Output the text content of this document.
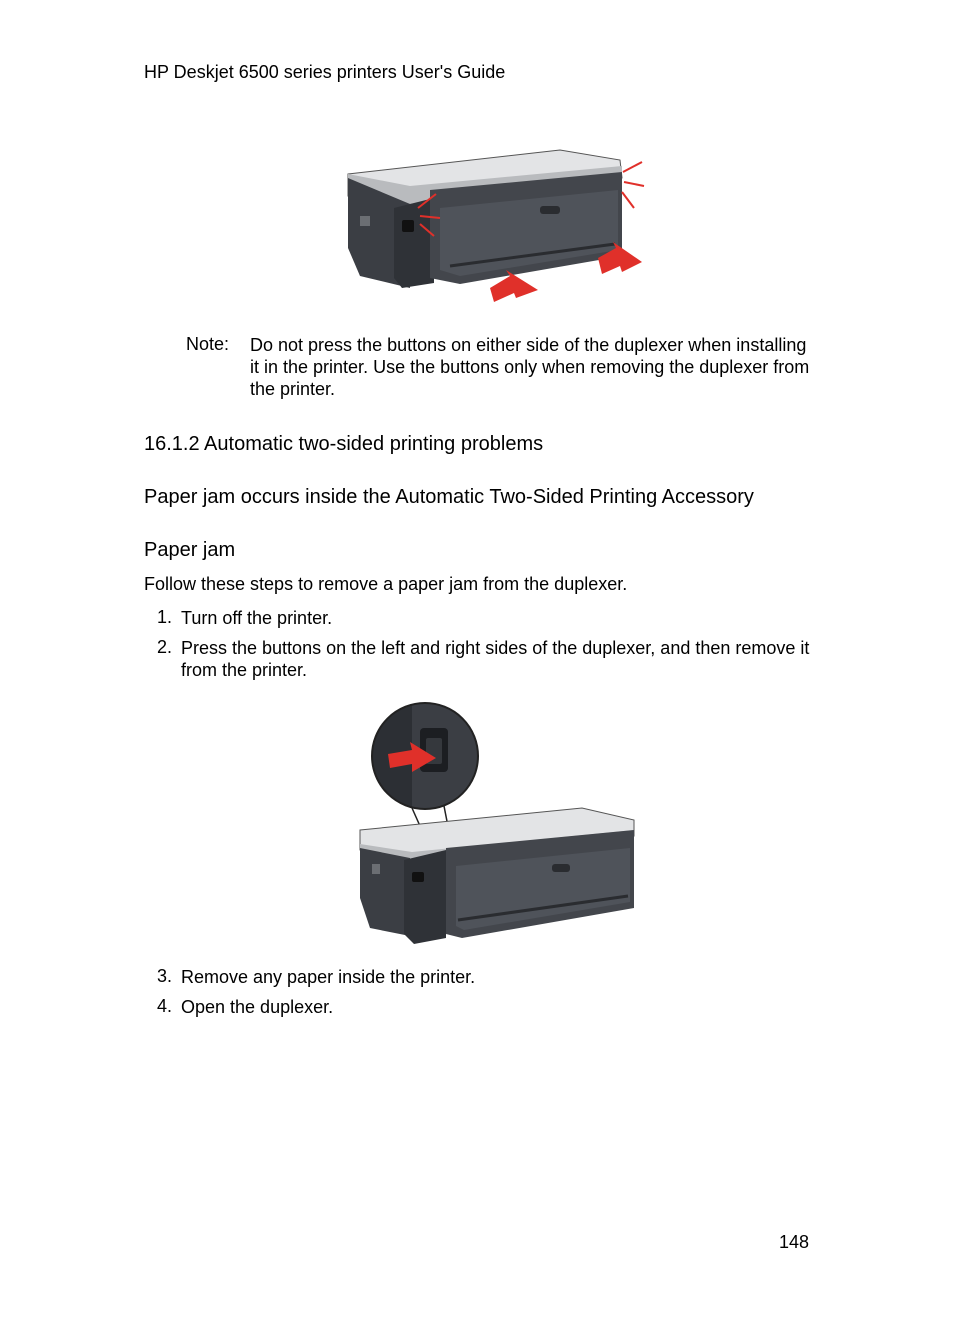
HP Deskjet 6500 series printers User's Guide
Note: Do not press the buttons on either side of the duplexer when installing it in the printer. Use the buttons only when removing the duplexer from the printer.
16.1.2 Automatic two-sided printing problems
Paper jam occurs inside the Automatic Two-Sided Printing Accessory
Paper jam
Follow these steps to remove a paper jam from the duplexer.
1. Turn off the printer.
2. Press the buttons on the left and right sides of the duplexer, and then remove it from the printer.
3. Remove any paper inside the printer.
4. Open the duplexer.
148
